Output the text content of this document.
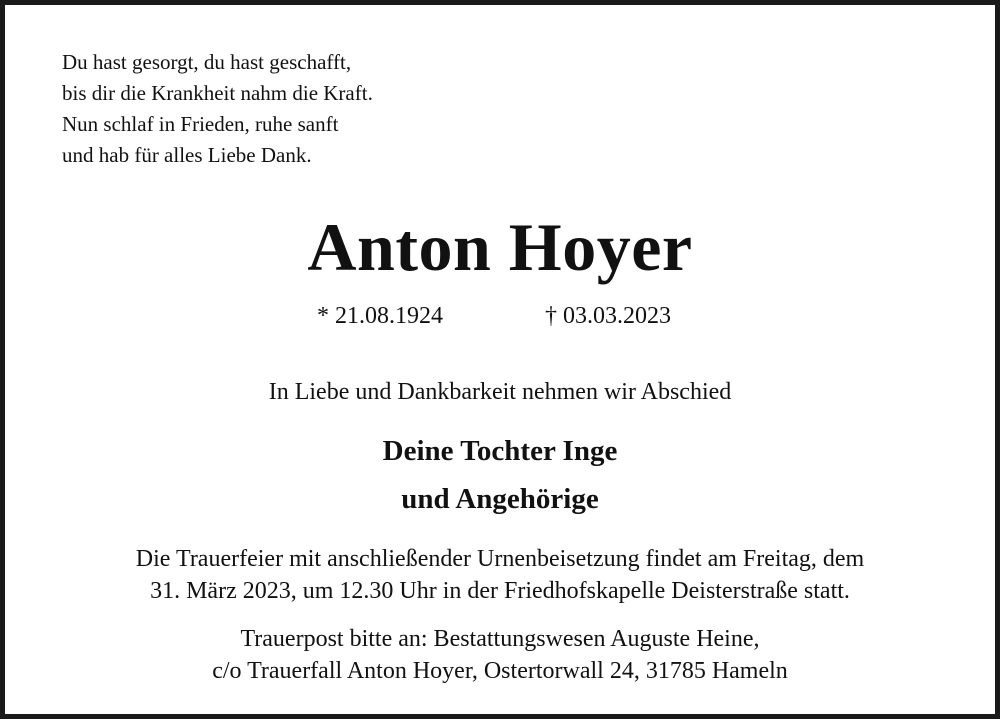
Du hast gesorgt, du hast geschafft,
bis dir die Krankheit nahm die Kraft.
Nun schlaf in Frieden, ruhe sanft
und hab für alles Liebe Dank.
Anton Hoyer
* 21.08.1924	† 03.03.2023
In Liebe und Dankbarkeit nehmen wir Abschied
Deine Tochter Inge
und Angehörige
Die Trauerfeier mit anschließender Urnenbeisetzung findet am Freitag, dem
31. März 2023, um 12.30 Uhr in der Friedhofskapelle Deisterstraße statt.
Trauerpost bitte an: Bestattungswesen Auguste Heine,
c/o Trauerfall Anton Hoyer, Ostertorwall 24, 31785 Hameln
